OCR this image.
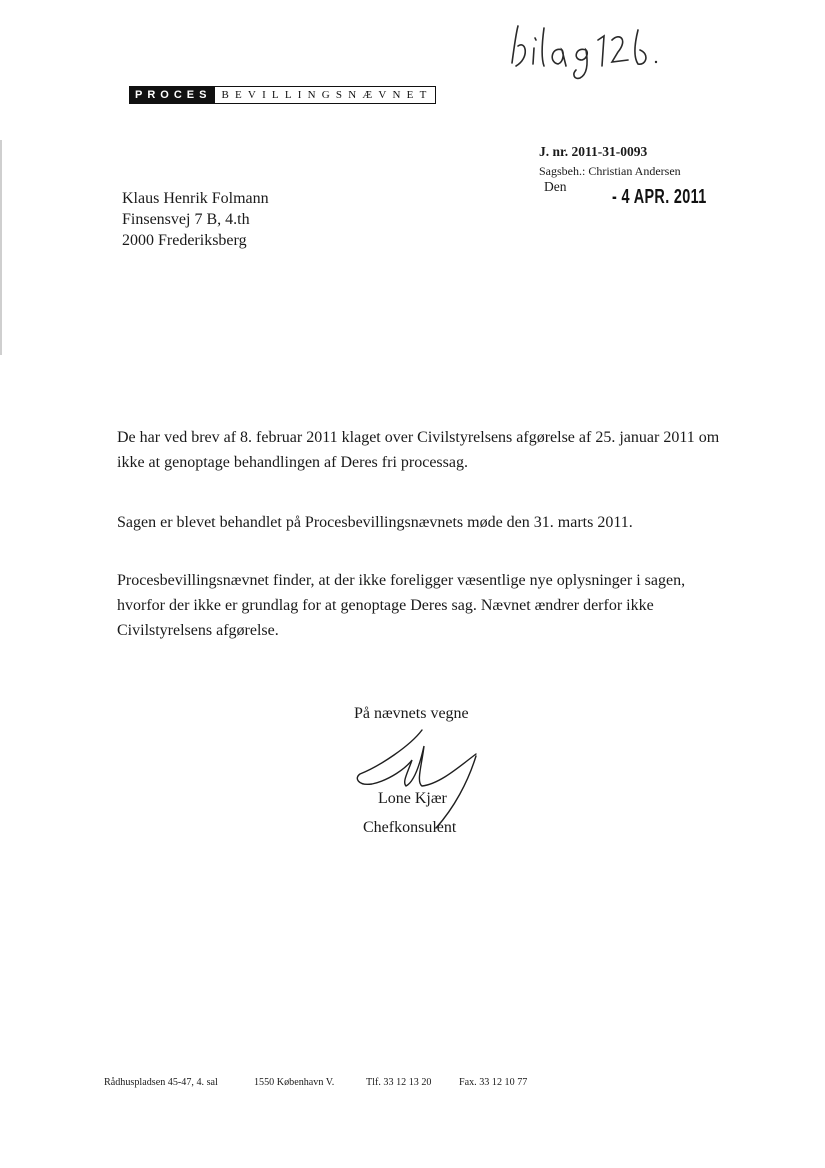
PROCES BEVILLINGSNÆVNET
J. nr. 2011-31-0093
Sagsbeh.: Christian Andersen
Den - 4 APR. 2011
Klaus Henrik Folmann
Finsensvej 7 B, 4.th
2000 Frederiksberg
De har ved brev af 8. februar 2011 klaget over Civilstyrelsens afgørelse af 25. januar 2011 om ikke at genoptage behandlingen af Deres fri processag.
Sagen er blevet behandlet på Procesbevillingsnævnets møde den 31. marts 2011.
Procesbevillingsnævnet finder, at der ikke foreligger væsentlige nye oplysninger i sagen, hvorfor der ikke er grundlag for at genoptage Deres sag. Nævnet ændrer derfor ikke Civilstyrelsens afgørelse.
På nævnets vegne
Lone Kjær
Chefkonsulent
Rådhuspladsen 45-47, 4. sal	1550 København V.	Tlf. 33 12 13 20 Fax. 33 12 10 77
